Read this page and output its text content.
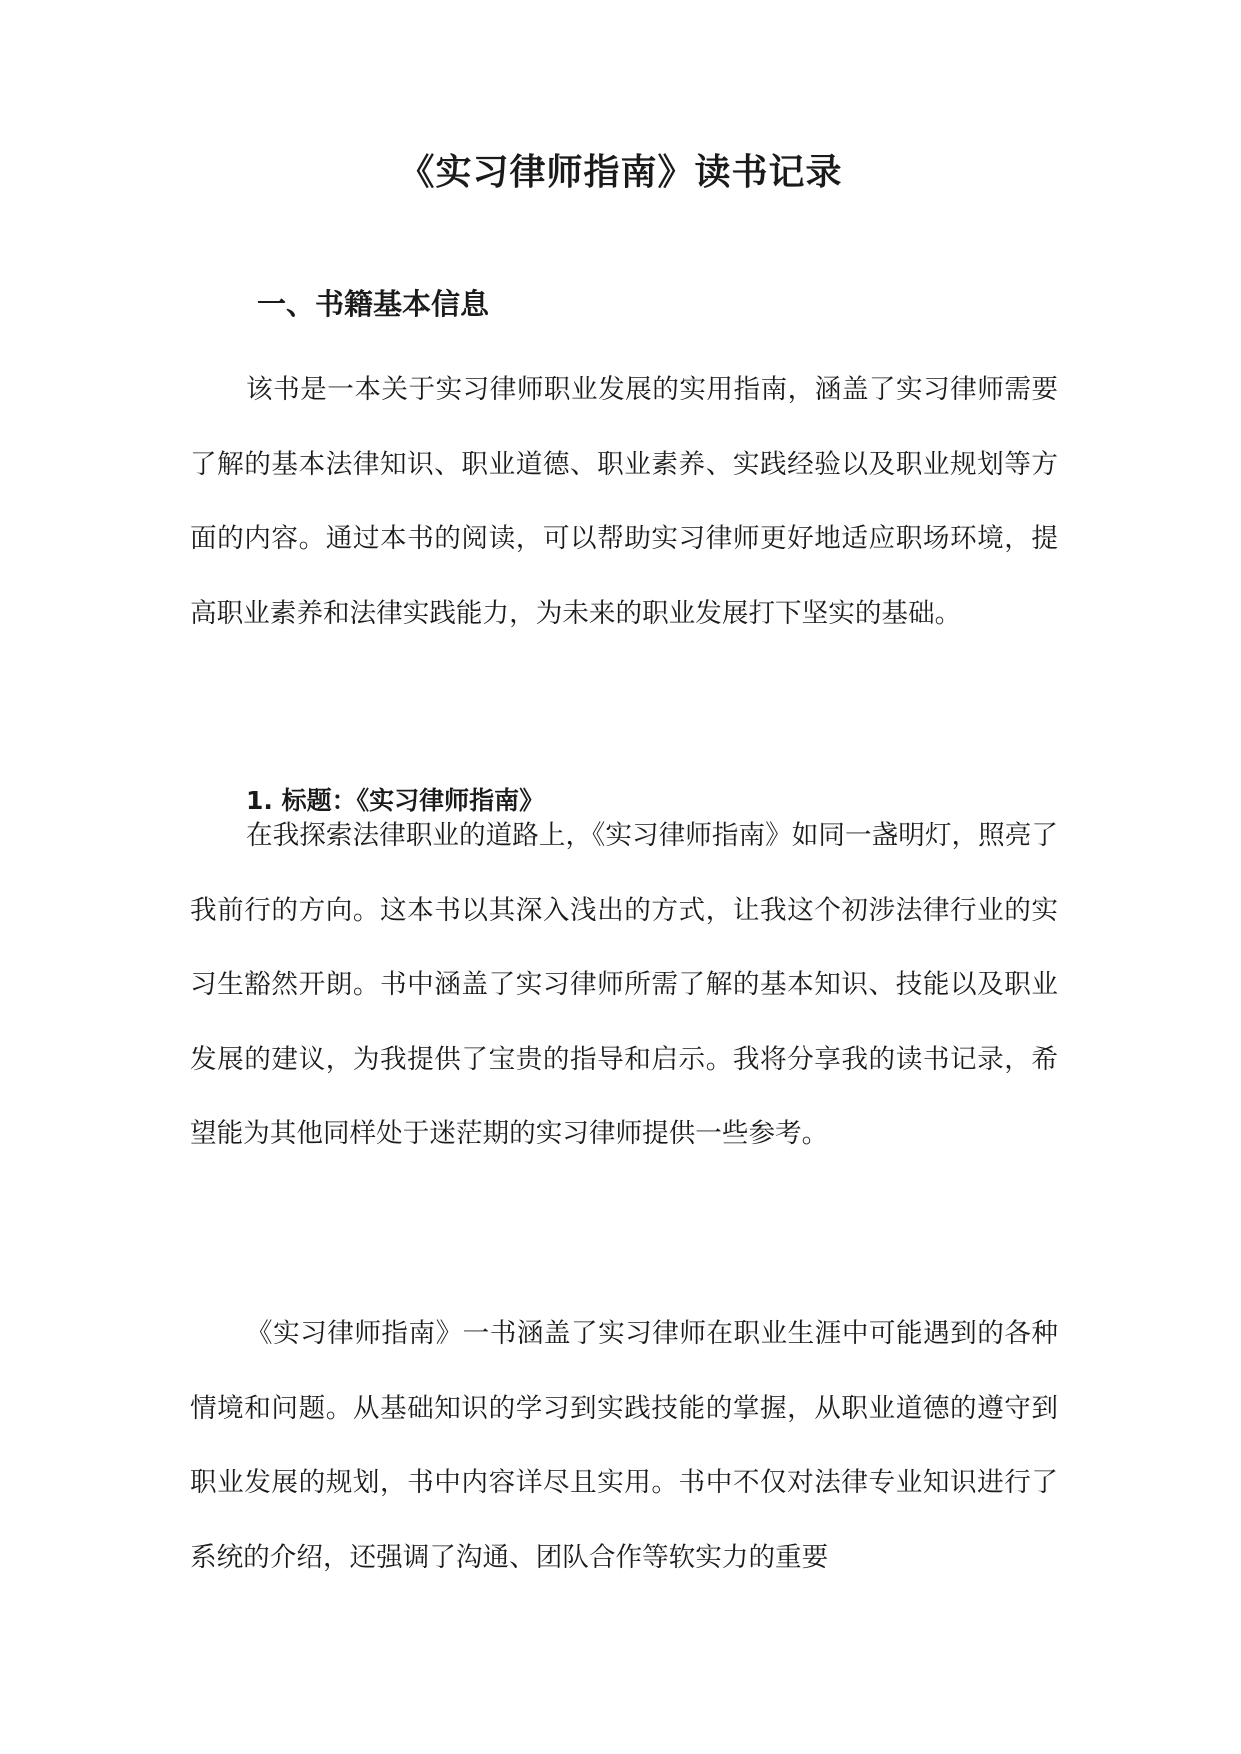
《实习律师指南》读书记录
一、书籍基本信息

该书是一本关于实习律师职业发展的实用指南，涵盖了实习律师需要了解的基本法律知识、职业道德、职业素养、实践经验以及职业规划等方面的内容。通过本书的阅读，可以帮助实习律师更好地适应职场环境，提高职业素养和法律实践能力，为未来的职业发展打下坚实的基础。

1. 标题：《实习律师指南》

在我探索法律职业的道路上，《实习律师指南》如同一盏明灯，照亮了我前行的方向。这本书以其深入浅出的方式，让我这个初涉法律行业的实习生豁然开朗。书中涵盖了实习律师所需了解的基本知识、技能以及职业发展的建议，为我提供了宝贵的指导和启示。我将分享我的读书记录，希望能为其他同样处于迷茫期的实习律师提供一些参考。

《实习律师指南》一书涵盖了实习律师在职业生涯中可能遇到的各种情境和问题。从基础知识的学习到实践技能的掌握，从职业道德的遵守到职业发展的规划，书中内容详尽且实用。书中不仅对法律专业知识进行了系统的介绍，还强调了沟通、团队合作等软实力的重要
